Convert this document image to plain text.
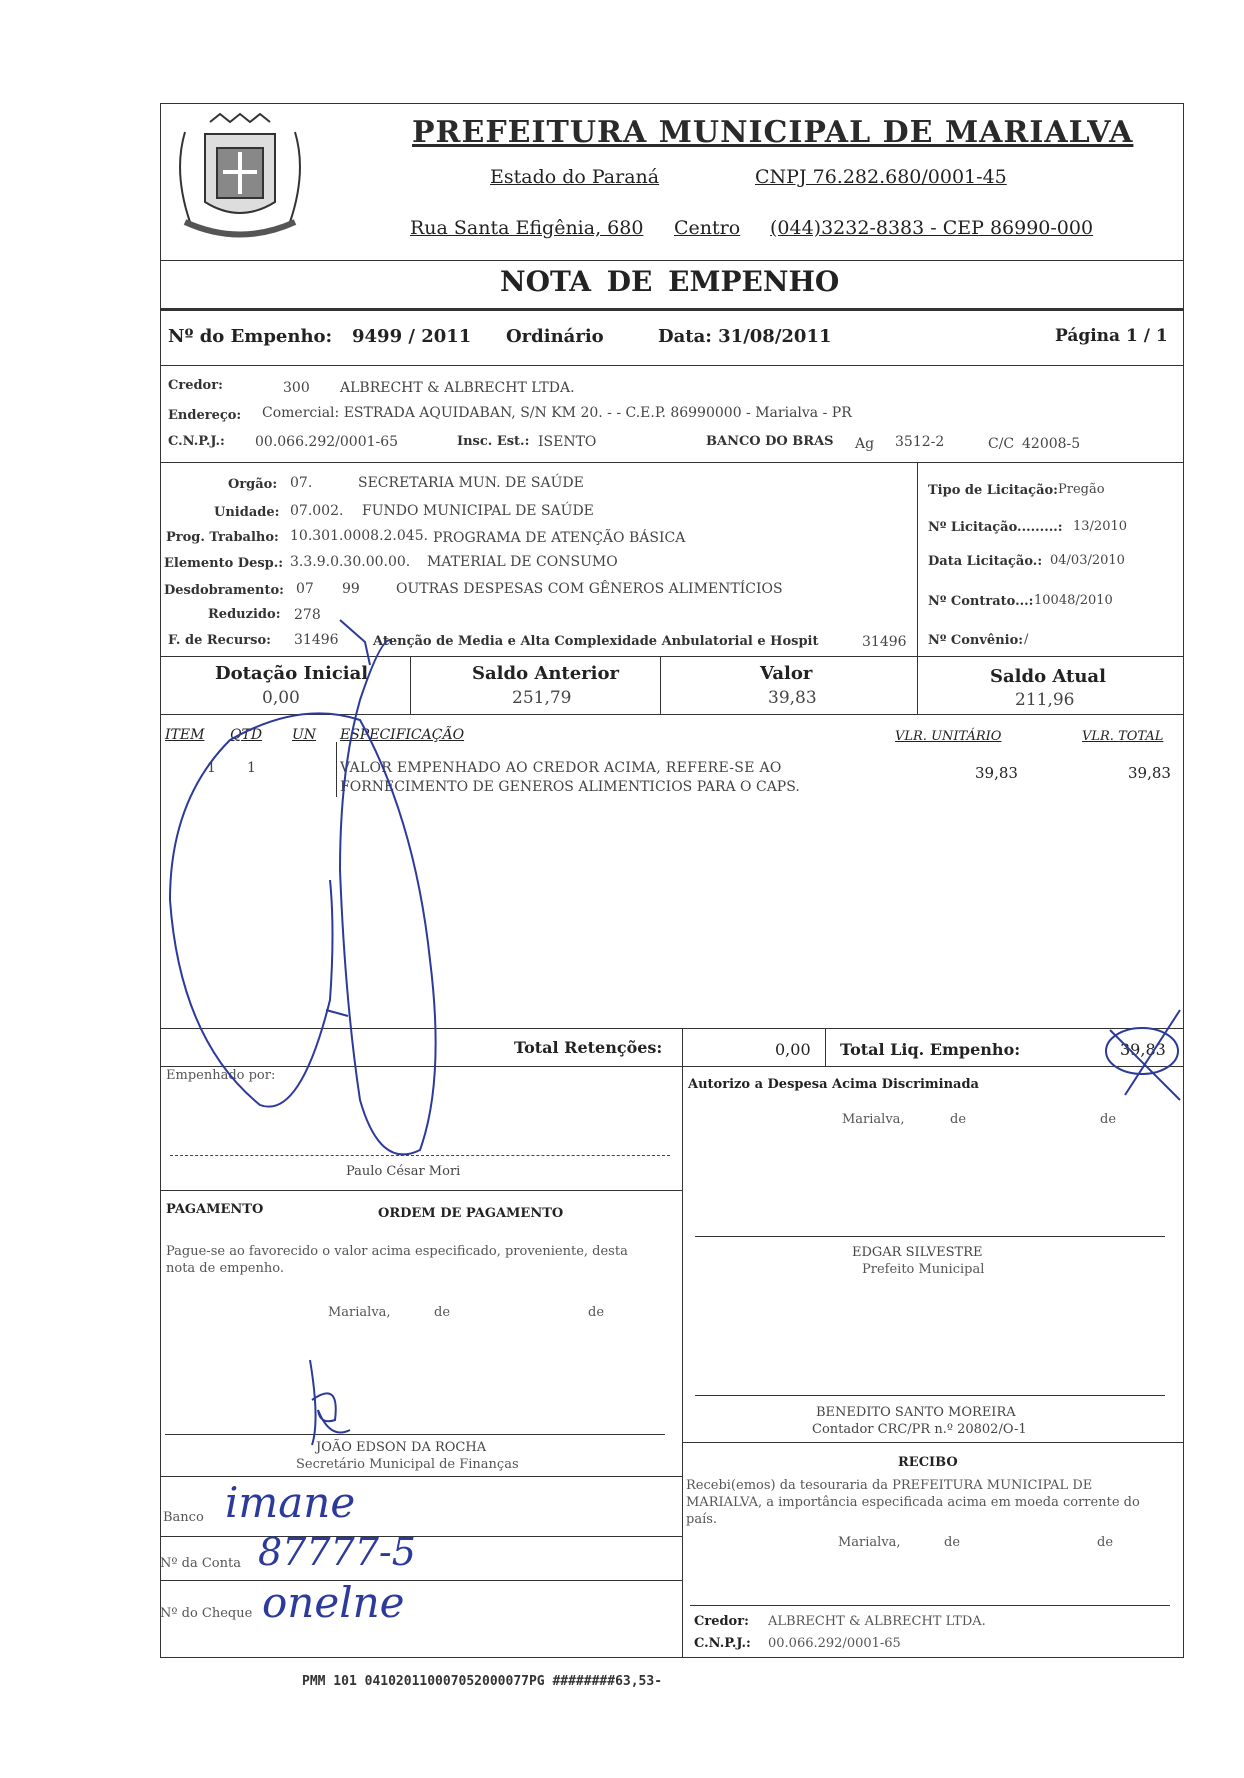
PREFEITURA MUNICIPAL DE MARIALVA
Estado do Paraná	CNPJ 76.282.680/0001-45
Rua Santa Efigênia, 680 Centro (044)3232-8383 - CEP 86990-000
NOTA DE EMPENHO
Nº do Empenho: 9499 / 2011 Ordinário	Data: 31/08/2011	Página 1 / 1
Credor:	300 ALBRECHT & ALBRECHT LTDA.
Endereço: Comercial: ESTRADA AQUIDABAN, S/N KM 20. - - C.E.P. 86990000 - Marialva - PR
C.N.P.J.: 00.066.292/0001-65	Insc. Est.: ISENTO	BANCO DO BRAS Ag 3512-2	C/C 42008-5
Orgão: 07.	SECRETARIA MUN. DE SAÚDE
Unidade: 07.002. FUNDO MUNICIPAL DE SAÚDE
Prog. Trabalho: 10.301.0008.2.045. PROGRAMA DE ATENÇÃO BÁSICA
Elemento Desp.: 3.3.9.0.30.00.00. MATERIAL DE CONSUMO
Desdobramento: 07 99	OUTRAS DESPESAS COM GÊNEROS ALIMENTÍCIOS
Reduzido: 278
F. de Recurso: 31496	Atenção de Media e Alta Complexidade Anbulatorial e Hospit	31496
Tipo de Licitação: Pregão
Nº Licitação.........: 13/2010
Data Licitação.: 04/03/2010
Nº Contrato...: 10048/2010
Nº Convênio: /
Dotação Inicial
0,00
Saldo Anterior
251,79
Valor
39,83
Saldo Atual
211,96
ITEM QTD UN ESPECIFICAÇÃO	VLR. UNITÁRIO	VLR. TOTAL
1 1	VALOR EMPENHADO AO CREDOR ACIMA, REFERE-SE AO
FORNECIMENTO DE GENEROS ALIMENTICIOS PARA O CAPS.
39,83	39,83
Total Retenções:	0,00 Total Liq. Empenho:	39,83
Empenhado por:
Paulo César Mori
Autorizo a Despesa Acima Discriminada
Marialva,	de	de
PAGAMENTO	ORDEM DE PAGAMENTO
Pague-se ao favorecido o valor acima especificado, proveniente, desta nota de empenho.
Marialva,	de	de
EDGAR SILVESTRE
Prefeito Municipal
BENEDITO SANTO MOREIRA
Contador CRC/PR n.º 20802/O-1
RECIBO
Recebi(emos) da tesouraria da PREFEITURA MUNICIPAL DE MARIALVA, a importância especificada acima em moeda corrente do país.
Marialva,	de	de
Credor: ALBRECHT & ALBRECHT LTDA.
C.N.P.J.: 00.066.292/0001-65
JOÃO EDSON DA ROCHA
Secretário Municipal de Finanças
Banco imane
Nº da Conta 87777-5
Nº do Cheque onelne
PMM 101 041020110007052000077PG ########63,53-
